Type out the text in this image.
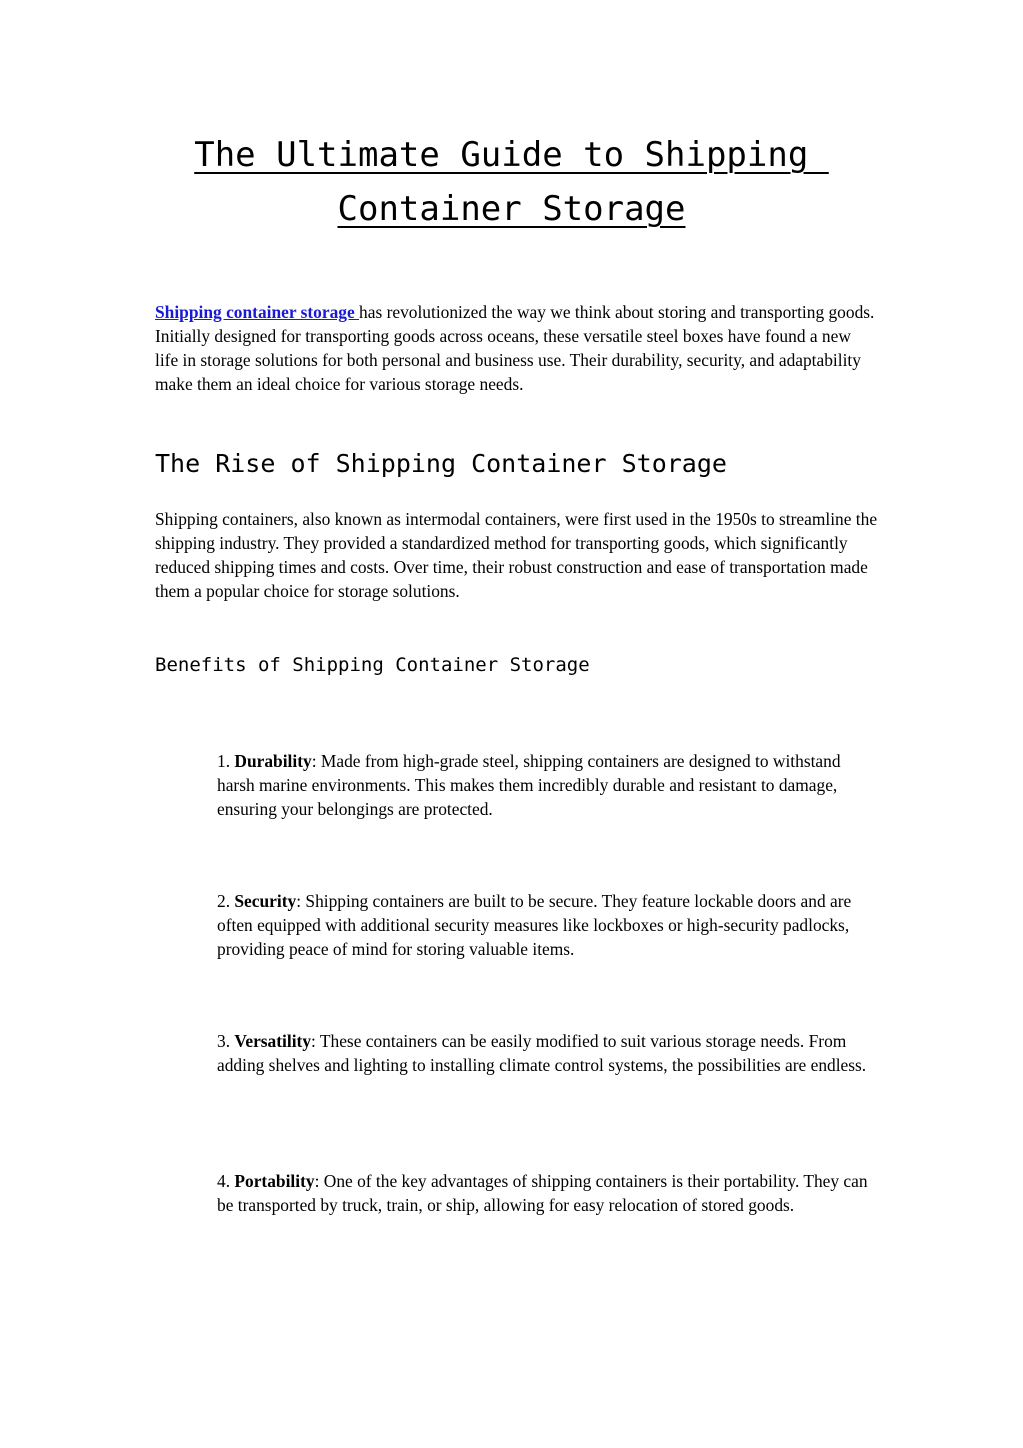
The Ultimate Guide to Shipping
Container Storage

Shipping container storage has revolutionized the way we think about storing and transporting goods. Initially designed for transporting goods across oceans, these versatile steel boxes have found a new life in storage solutions for both personal and business use. Their durability, security, and adaptability make them an ideal choice for various storage needs.

The Rise of Shipping Container Storage

Shipping containers, also known as intermodal containers, were first used in the 1950s to streamline the shipping industry. They provided a standardized method for transporting goods, which significantly reduced shipping times and costs. Over time, their robust construction and ease of transportation made them a popular choice for storage solutions.

Benefits of Shipping Container Storage

1. Durability: Made from high-grade steel, shipping containers are designed to withstand harsh marine environments. This makes them incredibly durable and resistant to damage, ensuring your belongings are protected.

2. Security: Shipping containers are built to be secure. They feature lockable doors and are often equipped with additional security measures like lockboxes or high-security padlocks, providing peace of mind for storing valuable items.

3. Versatility: These containers can be easily modified to suit various storage needs. From adding shelves and lighting to installing climate control systems, the possibilities are endless.

4. Portability: One of the key advantages of shipping containers is their portability. They can be transported by truck, train, or ship, allowing for easy relocation of stored goods.
